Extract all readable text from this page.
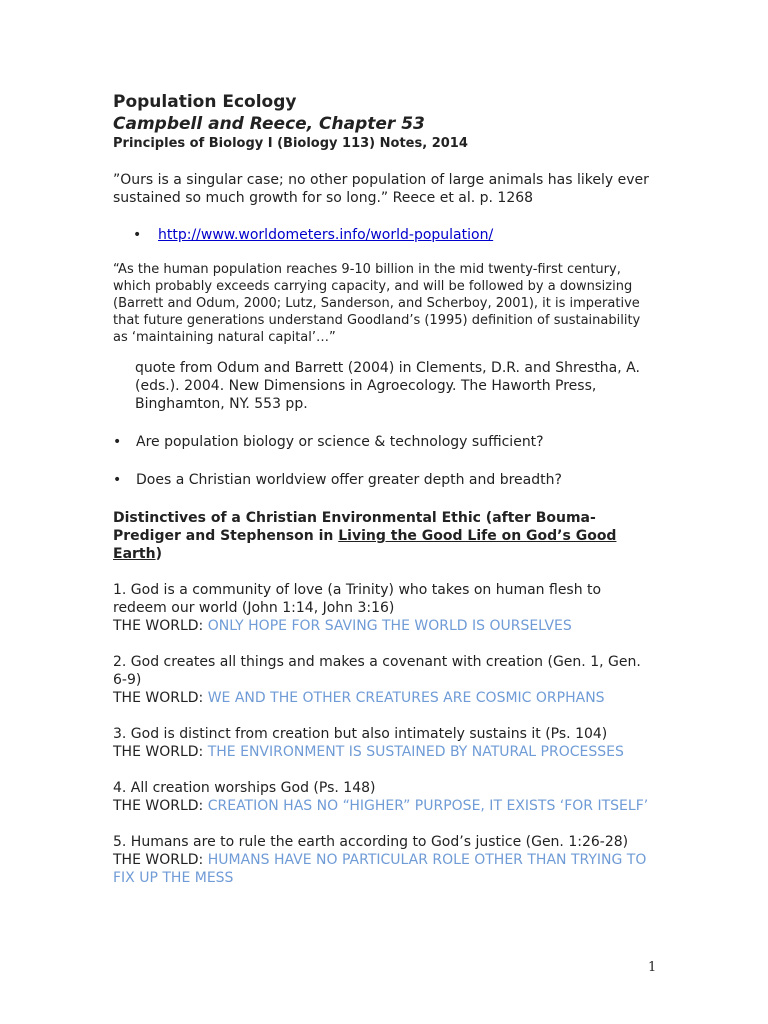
Population Ecology
Campbell and Reece, Chapter 53

Principles of Biology I (Biology 113) Notes, 2014

”Ours is a singular case; no other population of large animals has likely ever sustained so much growth for so long.” Reece et al. p. 1268

• http://www.worldometers.info/world-population/

“As the human population reaches 9-10 billion in the mid twenty-first century, which probably exceeds carrying capacity, and will be followed by a downsizing (Barrett and Odum, 2000; Lutz, Sanderson, and Scherboy, 2001), it is imperative that future generations understand Goodland’s (1995) definition of sustainability as ‘maintaining natural capital’…”

quote from Odum and Barrett (2004) in Clements, D.R. and Shrestha, A. (eds.). 2004. New Dimensions in Agroecology. The Haworth Press, Binghamton, NY. 553 pp.

• Are population biology or science & technology sufficient?
• Does a Christian worldview offer greater depth and breadth?

Distinctives of a Christian Environmental Ethic (after Bouma-Prediger and Stephenson in Living the Good Life on God’s Good Earth)

1. God is a community of love (a Trinity) who takes on human flesh to redeem our world (John 1:14, John 3:16)

THE WORLD: ONLY HOPE FOR SAVING THE WORLD IS OURSELVES

2. God creates all things and makes a covenant with creation (Gen. 1, Gen. 6-9)

THE WORLD: WE AND THE OTHER CREATURES ARE COSMIC ORPHANS

3. God is distinct from creation but also intimately sustains it (Ps. 104)

THE WORLD: THE ENVIRONMENT IS SUSTAINED BY NATURAL PROCESSES

4. All creation worships God (Ps. 148)

THE WORLD: CREATION HAS NO “HIGHER” PURPOSE, IT EXISTS ‘FOR ITSELF’

5. Humans are to rule the earth according to God’s justice (Gen. 1:26-28)

THE WORLD: HUMANS HAVE NO PARTICULAR ROLE OTHER THAN TRYING TO FIX UP THE MESS

1
